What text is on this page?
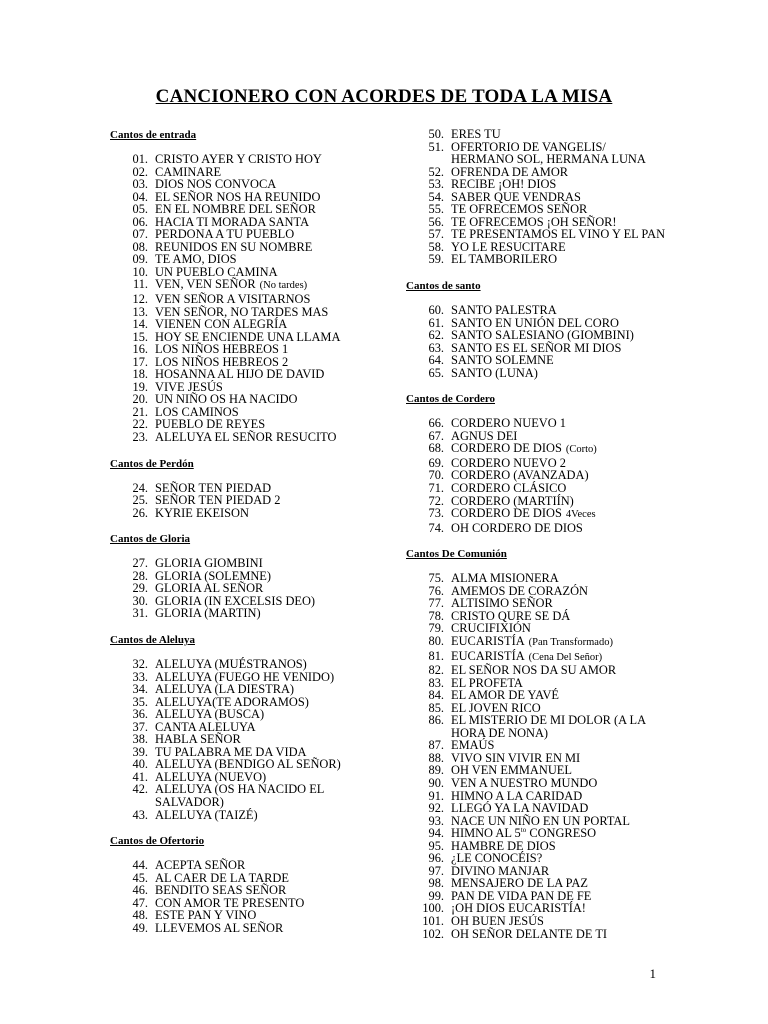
CANCIONERO CON ACORDES DE TODA LA MISA
Cantos de entrada
01. CRISTO AYER Y CRISTO HOY
02. CAMINARE
03. DIOS NOS CONVOCA
04. EL SEÑOR NOS HA REUNIDO
05. EN EL NOMBRE DEL SEÑOR
06. HACIA TI MORADA SANTA
07. PERDONA A TU PUEBLO
08. REUNIDOS EN SU NOMBRE
09. TE AMO, DIOS
10. UN PUEBLO CAMINA
11. VEN, VEN SEÑOR (No tardes)
12. VEN SEÑOR A VISITARNOS
13. VEN SEÑOR, NO TARDES MAS
14. VIENEN CON ALEGRÍA
15. HOY SE ENCIENDE UNA LLAMA
16. LOS NIÑOS HEBREOS 1
17. LOS NIÑOS HEBREOS 2
18. HOSANNA AL HIJO DE DAVID
19. VIVE JESÚS
20. UN NIÑO OS HA NACIDO
21. LOS CAMINOS
22. PUEBLO DE REYES
23. ALELUYA EL SEÑOR RESUCITO
Cantos de Perdón
24. SEÑOR TEN PIEDAD
25. SEÑOR TEN PIEDAD 2
26. KYRIE EKEISON
Cantos de Gloria
27. GLORIA GIOMBINI
28. GLORIA (SOLEMNE)
29. GLORIA AL SEÑOR
30. GLORIA (IN EXCELSIS DEO)
31. GLORIA (MARTIN)
Cantos de Aleluya
32. ALELUYA (MUÉSTRANOS)
33. ALELUYA (FUEGO HE VENIDO)
34. ALELUYA (LA DIESTRA)
35. ALELUYA(TE ADORAMOS)
36. ALELUYA (BUSCA)
37. CANTA ALELUYA
38. HABLA SEÑOR
39. TU PALABRA ME DA VIDA
40. ALELUYA (BENDIGO AL SEÑOR)
41. ALELUYA (NUEVO)
42. ALELUYA (OS HA NACIDO EL
SALVADOR)
43. ALELUYA (TAIZÉ)
Cantos de Ofertorio
44. ACEPTA SEÑOR
45. AL CAER DE LA TARDE
46. BENDITO SEAS SEÑOR
47. CON AMOR TE PRESENTO
48. ESTE PAN Y VINO
49. LLEVEMOS AL SEÑOR
50. ERES TU
51. OFERTORIO DE VANGELIS/
HERMANO SOL, HERMANA LUNA
52. OFRENDA DE AMOR
53. RECIBE ¡OH! DIOS
54. SABER QUE VENDRAS
55. TE OFRECEMOS SEÑOR
56. TE OFRECEMOS ¡OH SEÑOR!
57. TE PRESENTAMOS EL VINO Y EL PAN
58. YO LE RESUCITARE
59. EL TAMBORILERO
Cantos de santo
60. SANTO PALESTRA
61. SANTO EN UNIÓN DEL CORO
62. SANTO SALESIANO (GIOMBINI)
63. SANTO ES EL SEÑOR MI DIOS
64. SANTO SOLEMNE
65. SANTO (LUNA)
Cantos de Cordero
66. CORDERO NUEVO 1
67. AGNUS DEI
68. CORDERO DE DIOS (Corto)
69. CORDERO NUEVO 2
70. CORDERO (AVANZADA)
71. CORDERO CLÁSICO
72. CORDERO (MARTIÍN)
73. CORDERO DE DIOS 4Veces
74. OH CORDERO DE DIOS
Cantos De Comunión
75. ALMA MISIONERA
76. AMEMOS DE CORAZÓN
77. ALTISIMO SEÑOR
78. CRISTO QURE SE DÁ
79. CRUCIFIXIÓN
80. EUCARISTÍA (Pan Transformado)
81. EUCARISTÍA (Cena Del Señor)
82. EL SEÑOR NOS DA SU AMOR
83. EL PROFETA
84. EL AMOR DE YAVÉ
85. EL JOVEN RICO
86. EL MISTERIO DE MI DOLOR (A LA
HORA DE NONA)
87. EMAÚS
88. VIVO SIN VIVIR EN MI
89. OH VEN EMMANUEL
90. VEN A NUESTRO MUNDO
91. HIMNO A LA CARIDAD
92. LLEGÓ YA LA NAVIDAD
93. NACE UN NIÑO EN UN PORTAL
94. HIMNO AL $5^{to}$ CONGRESO
95. HAMBRE DE DIOS
96. ¿LE CONOCÉIS?
97. DIVINO MANJAR
98. MENSAJERO DE LA PAZ
99. PAN DE VIDA PAN DE FE
100. ¡OH DIOS EUCARISTÍA!
101. OH BUEN JESÚS
102. OH SEÑOR DELANTE DE TI
1
